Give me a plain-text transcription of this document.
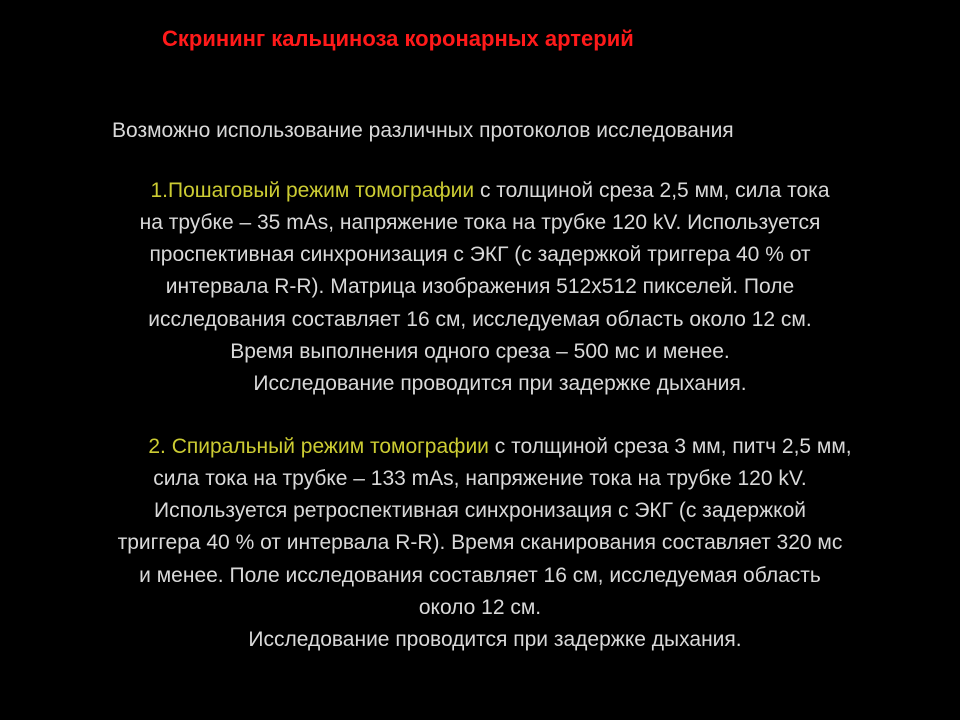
Скрининг кальциноза коронарных артерий
Возможно использование различных протоколов исследования
1.Пошаговый режим томографии с толщиной среза 2,5 мм, сила тока
на трубке – 35 mAs, напряжение тока на трубке 120 kV. Используется
проспективная синхронизация с ЭКГ (с задержкой триггера 40 % от
интервала R-R). Матрица изображения 512х512 пикселей. Поле
исследования составляет 16 см, исследуемая область около 12 см.
Время выполнения одного среза – 500 мс и менее.
Исследование проводится при задержке дыхания.
2. Спиральный режим томографии с толщиной среза 3 мм, питч 2,5 мм,
сила тока на трубке – 133 mAs, напряжение тока на трубке 120 kV.
Используется ретроспективная синхронизация с ЭКГ (с задержкой
триггера 40 % от интервала R-R). Время сканирования составляет 320 мс
и менее. Поле исследования составляет 16 см, исследуемая область
около 12 см.
Исследование проводится при задержке дыхания.
